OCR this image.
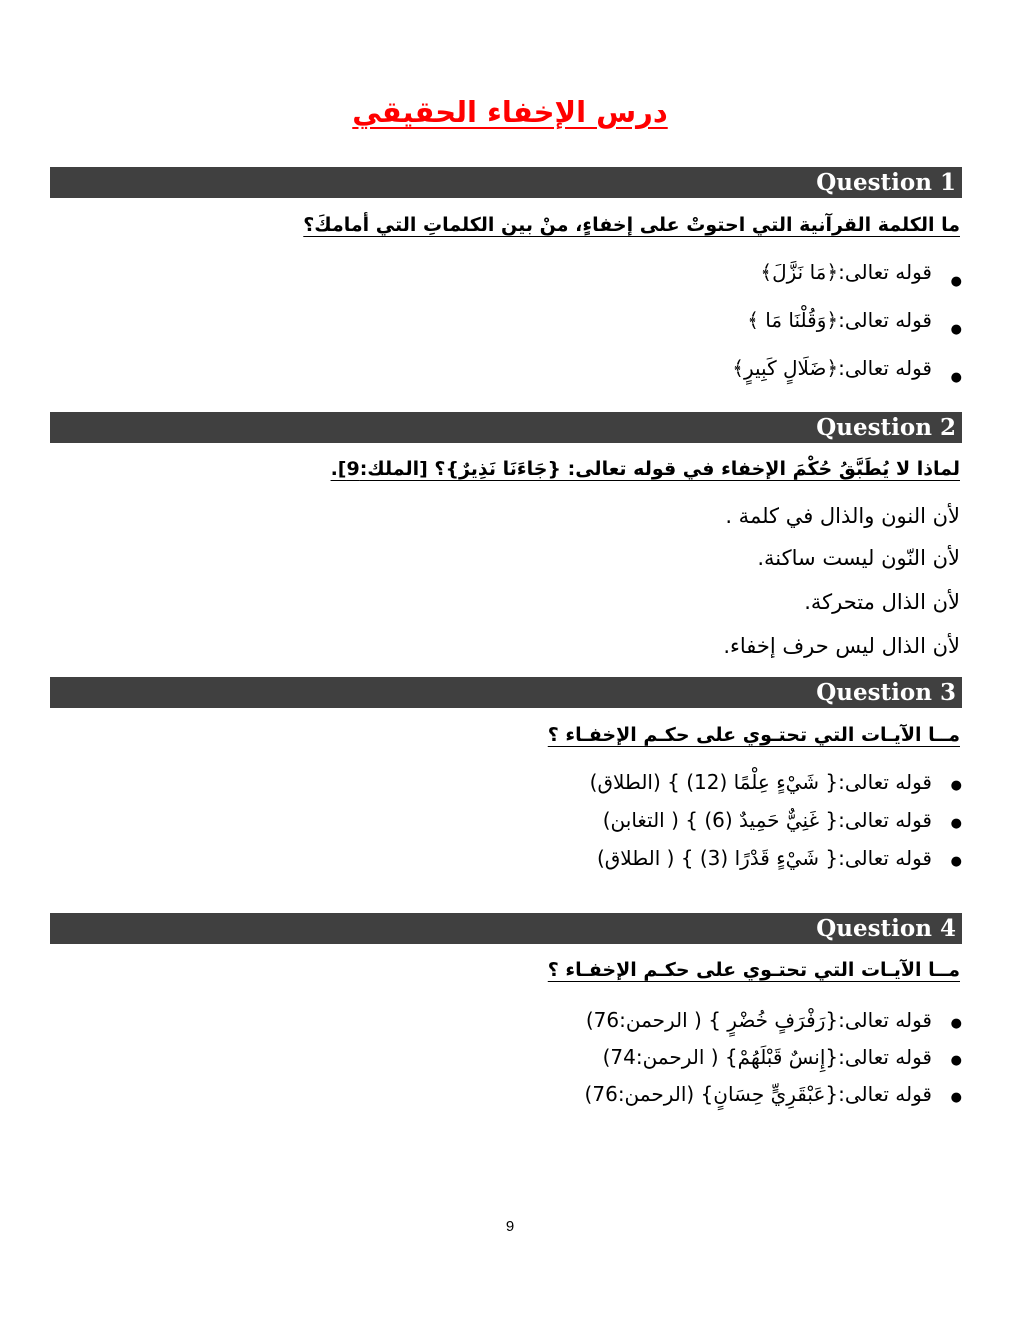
درس الإخفاء الحقيقي
Question 1
ما الكلمة القرآنية التي احتوتْ على إخفاءٍ، منْ بين الكلماتِ التي أمامكَ؟
● قوله تعالى:﴿مَا نَزَّلَ﴾
● قوله تعالى:﴿وَقُلْنَا مَا ﴾
● قوله تعالى:﴿ضَلَالٍ كَبِيرٍ﴾
Question 2
لماذا لا يُطَبَّقُ حُكْمَ الإخفاء في قوله تعالى: {جَاءَنَا نَذِيرٌ}؟ [الملك:9].
لأن النون والذال في كلمة .
لأن النّون ليست ساكنة.
لأن الذال متحركة.
لأن الذال ليس حرف إخفاء.
Question 3
مــا الآيـات التي تحتـوي على حكـم الإخفـاء ؟
● قوله تعالى:{ شَيْءٍ عِلْمًا (12) } (الطلاق)
● قوله تعالى:{ غَنِيٌّ حَمِيدٌ (6) } ( التغابن)
● قوله تعالى:{ شَيْءٍ قَدْرًا (3) } ( الطلاق)
Question 4
مــا الآيـات التي تحتـوي على حكـم الإخفـاء ؟
● قوله تعالى:{رَفْرَفٍ خُضْرٍ } ( الرحمن:76)
● قوله تعالى:{إِنسٌ قَبْلَهُمْ} ( الرحمن:74)
● قوله تعالى:{عَبْقَرِيٍّ حِسَانٍ} (الرحمن:76)
9
